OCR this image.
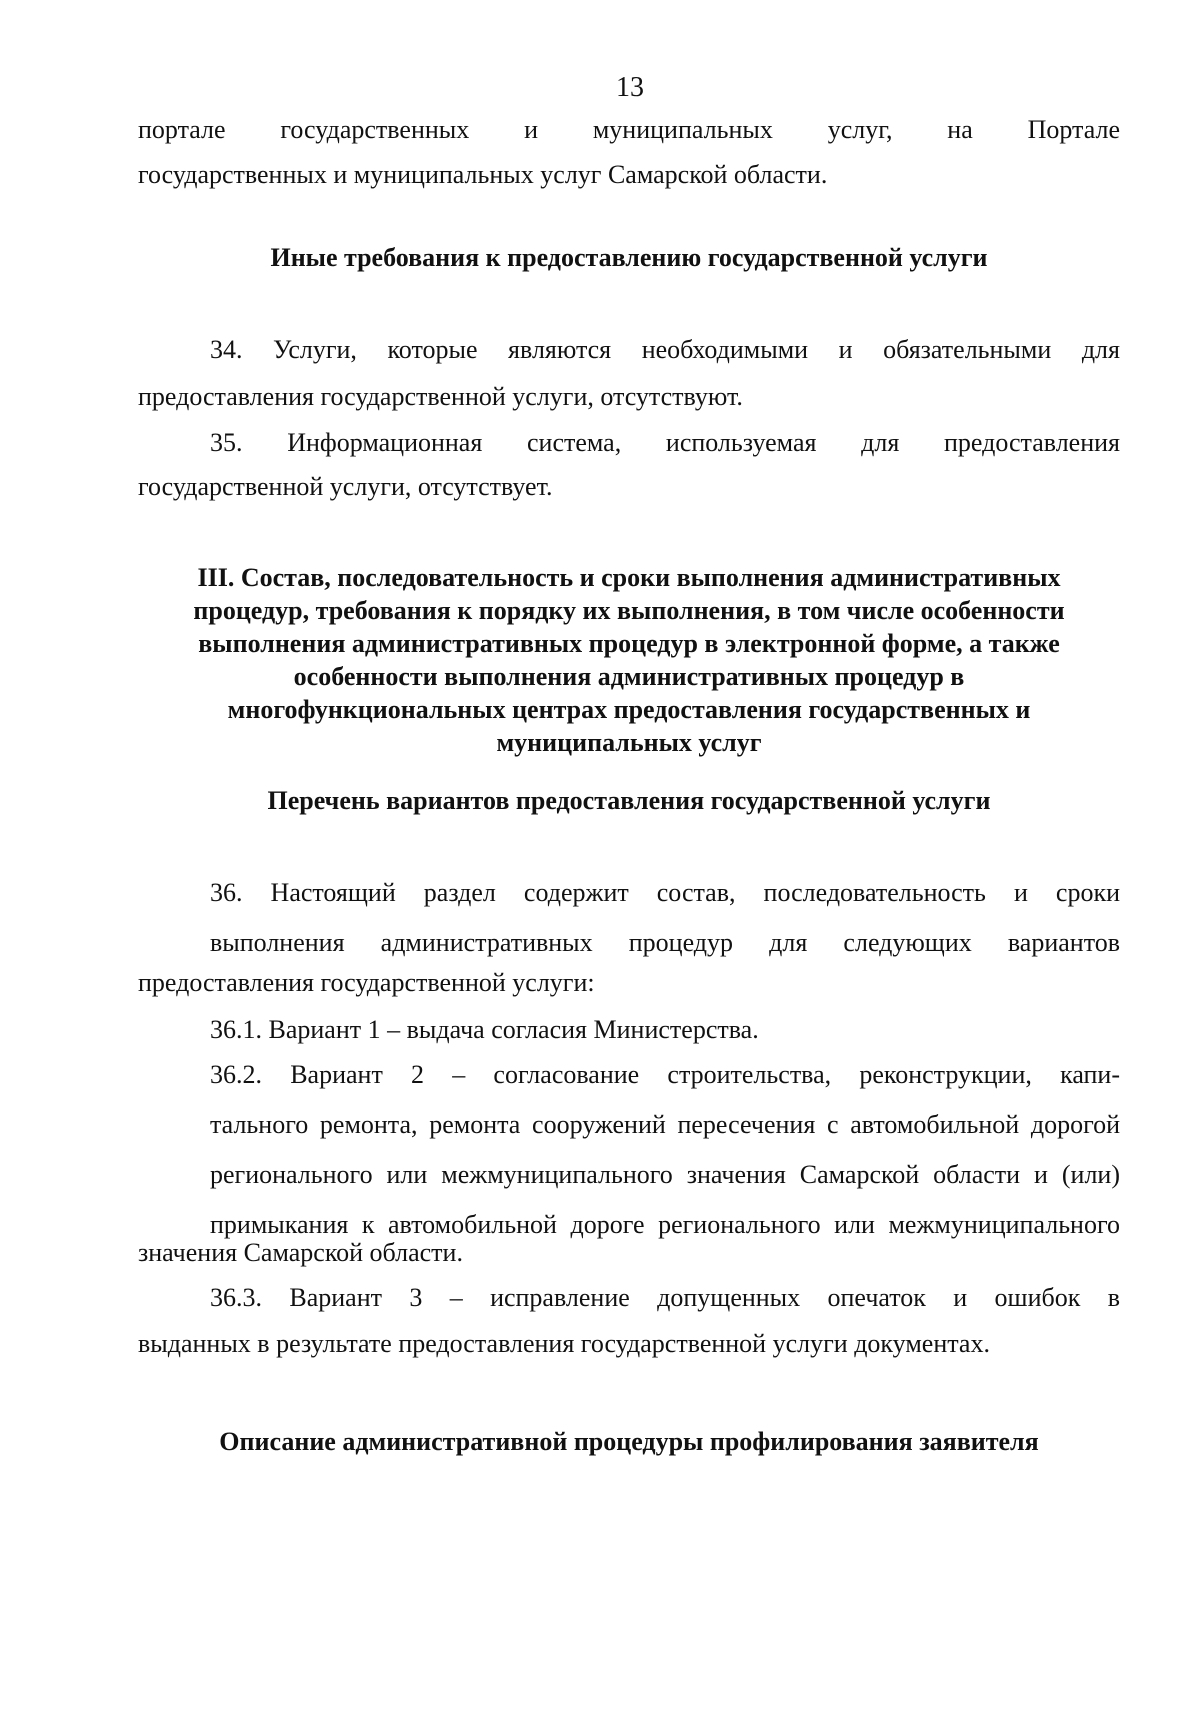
13
порталe государственных и муниципальных услуг, на Портале
государственных и муниципальных услуг Самарской области.
Иные требования к предоставлению государственной услуги
34. Услуги, которые являются необходимыми и обязательными для
предоставления государственной услуги, отсутствуют.
35. Информационная система, используемая для предоставления
государственной услуги, отсутствует.
III. Состав, последовательность и сроки выполнения административных
процедур, требования к порядку их выполнения, в том числе особенности
выполнения административных процедур в электронной форме, а также
особенности выполнения административных процедур в
многофункциональных центрах предоставления государственных и
муниципальных услуг
Перечень вариантов предоставления государственной услуги
36. Настоящий раздел содержит состав, последовательность и сроки
выполнения административных процедур для следующих вариантов
предоставления государственной услуги:
36.1. Вариант 1 – выдача согласия Министерства.
36.2. Вариант 2 – согласование строительства, реконструкции, капи-
тального ремонта, ремонта сооружений пересечения с автомобильной дорогой
регионального или межмуниципального значения Самарской области и (или)
примыкания к автомобильной дороге регионального или межмуниципального
значения Самарской области.
36.3. Вариант 3 – исправление допущенных опечаток и ошибок в
выданных в результате предоставления государственной услуги документах.
Описание административной процедуры профилирования заявителя
